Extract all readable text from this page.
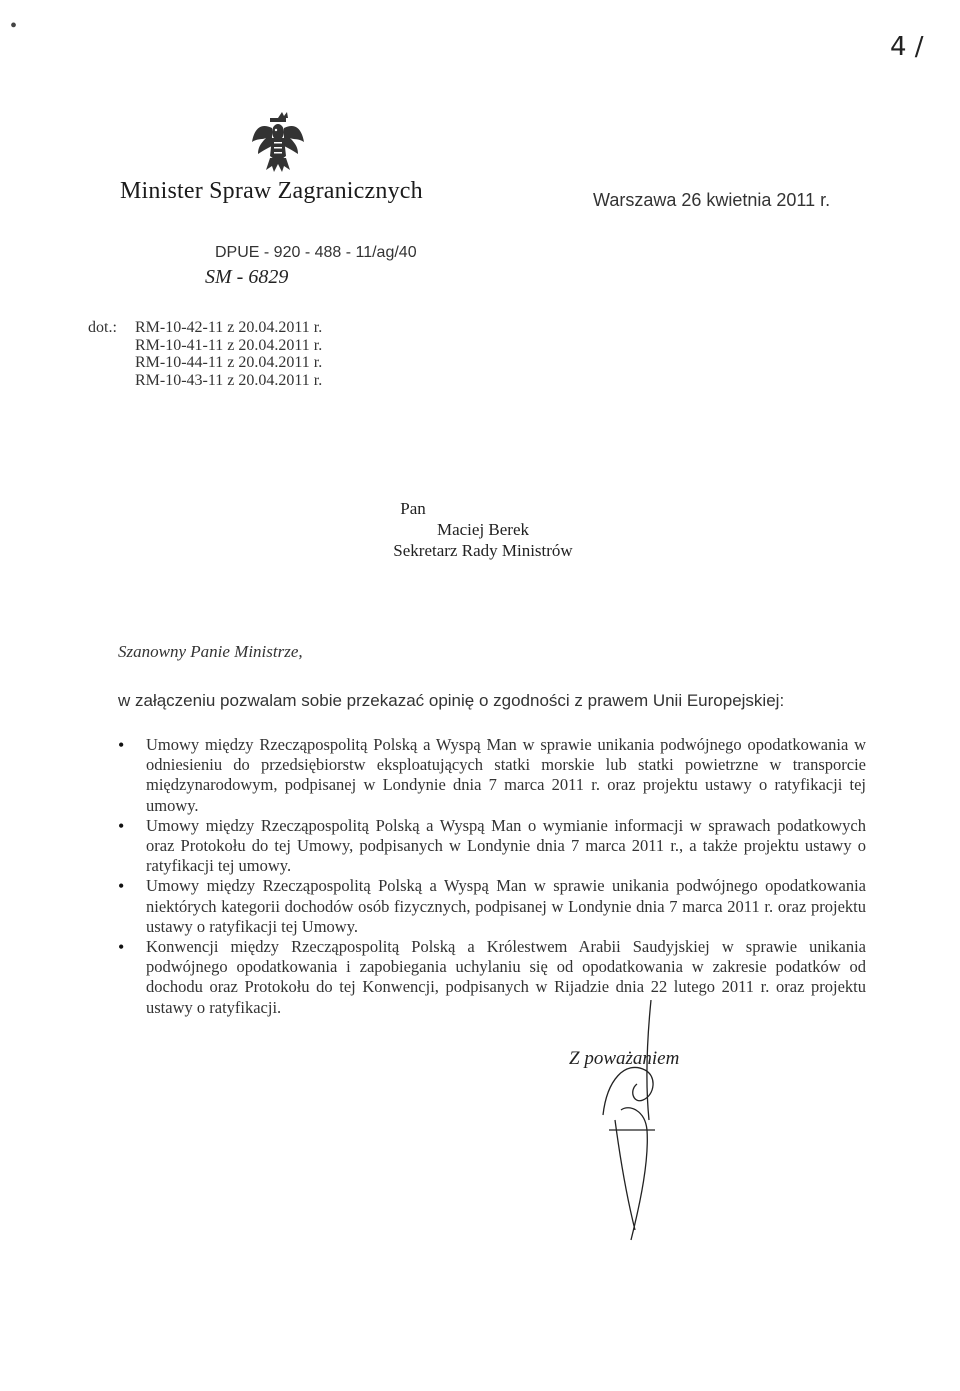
•
4 /
Minister Spraw Zagranicznych	Warszawa 26 kwietnia 2011 r.
DPUE - 920 - 488 - 11/ag/40
SM - 6829
dot.: RM-10-42-11 z 20.04.2011 r.
RM-10-41-11 z 20.04.2011 r.
RM-10-44-11 z 20.04.2011 r.
RM-10-43-11 z 20.04.2011 r.
Pan
Maciej Berek
Sekretarz Rady Ministrów
Szanowny Panie Ministrze,
w załączeniu pozwalam sobie przekazać opinię o zgodności z prawem Unii Europejskiej:
• Umowy między Rzecząpospolitą Polską a Wyspą Man w sprawie unikania podwójnego opodatkowania w odniesieniu do przedsiębiorstw eksploatujących statki morskie lub statki powietrzne w transporcie międzynarodowym, podpisanej w Londynie dnia 7 marca 2011 r. oraz projektu ustawy o ratyfikacji tej umowy.
• Umowy między Rzecząpospolitą Polską a Wyspą Man o wymianie informacji w sprawach podatkowych oraz Protokołu do tej Umowy, podpisanych w Londynie dnia 7 marca 2011 r., a także projektu ustawy o ratyfikacji tej umowy.
• Umowy między Rzecząpospolitą Polską a Wyspą Man w sprawie unikania podwójnego opodatkowania niektórych kategorii dochodów osób fizycznych, podpisanej w Londynie dnia 7 marca 2011 r. oraz projektu ustawy o ratyfikacji tej Umowy.
• Konwencji między Rzecząpospolitą Polską a Królestwem Arabii Saudyjskiej w sprawie unikania podwójnego opodatkowania i zapobiegania uchylaniu się od opodatkowania w zakresie podatków od dochodu oraz Protokołu do tej Konwencji, podpisanych w Rijadzie dnia 22 lutego 2011 r. oraz projektu ustawy o ratyfikacji.
Z poważaniem
